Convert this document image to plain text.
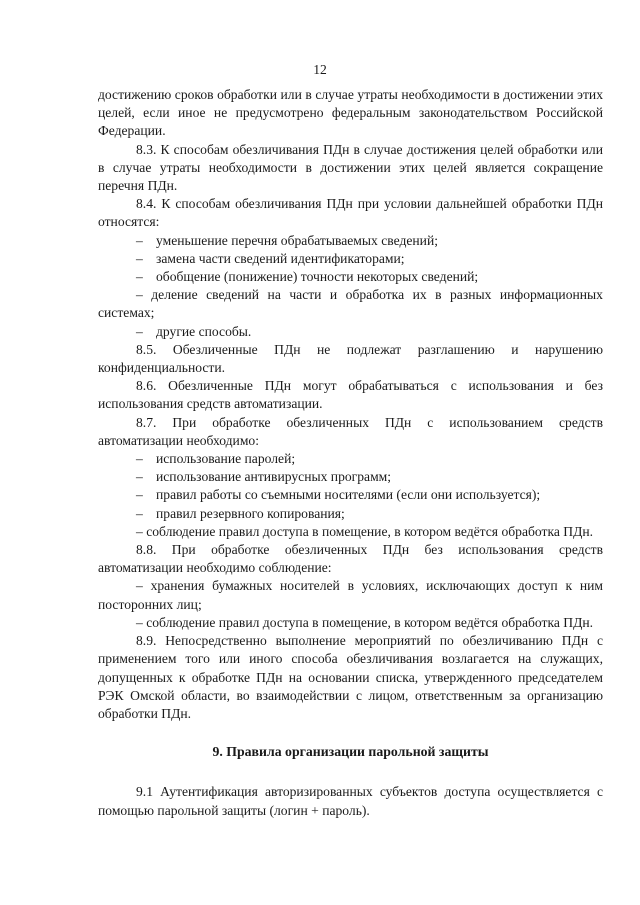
12

достижению сроков обработки или в случае утраты необходимости в достижении этих целей, если иное не предусмотрено федеральным законодательством Российской Федерации.

8.3. К способам обезличивания ПДн в случае достижения целей обработки или в случае утраты необходимости в достижении этих целей является сокращение перечня ПДн.

8.4. К способам обезличивания ПДн при условии дальнейшей обработки ПДн относятся:

– уменьшение перечня обрабатываемых сведений;

– замена части сведений идентификаторами;

– обобщение (понижение) точности некоторых сведений;

– деление сведений на части и обработка их в разных информационных системах;

– другие способы.

8.5. Обезличенные ПДн не подлежат разглашению и нарушению конфиденциальности.

8.6. Обезличенные ПДн могут обрабатываться с использования и без использования средств автоматизации.

8.7. При обработке обезличенных ПДн с использованием средств автоматизации необходимо:

– использование паролей;

– использование антивирусных программ;

– правил работы со съемными носителями (если они используется);

– правил резервного копирования;

– соблюдение правил доступа в помещение, в котором ведётся обработка ПДн.

8.8. При обработке обезличенных ПДн без использования средств автоматизации необходимо соблюдение:

– хранения бумажных носителей в условиях, исключающих доступ к ним посторонних лиц;

– соблюдение правил доступа в помещение, в котором ведётся обработка ПДн.

8.9. Непосредственно выполнение мероприятий по обезличиванию ПДн с применением того или иного способа обезличивания возлагается на служащих, допущенных к обработке ПДн на основании списка, утвержденного председателем РЭК Омской области, во взаимодействии с лицом, ответственным за организацию обработки ПДн.

9. Правила организации парольной защиты

9.1 Аутентификация авторизированных субъектов доступа осуществляется с помощью парольной защиты (логин + пароль).
